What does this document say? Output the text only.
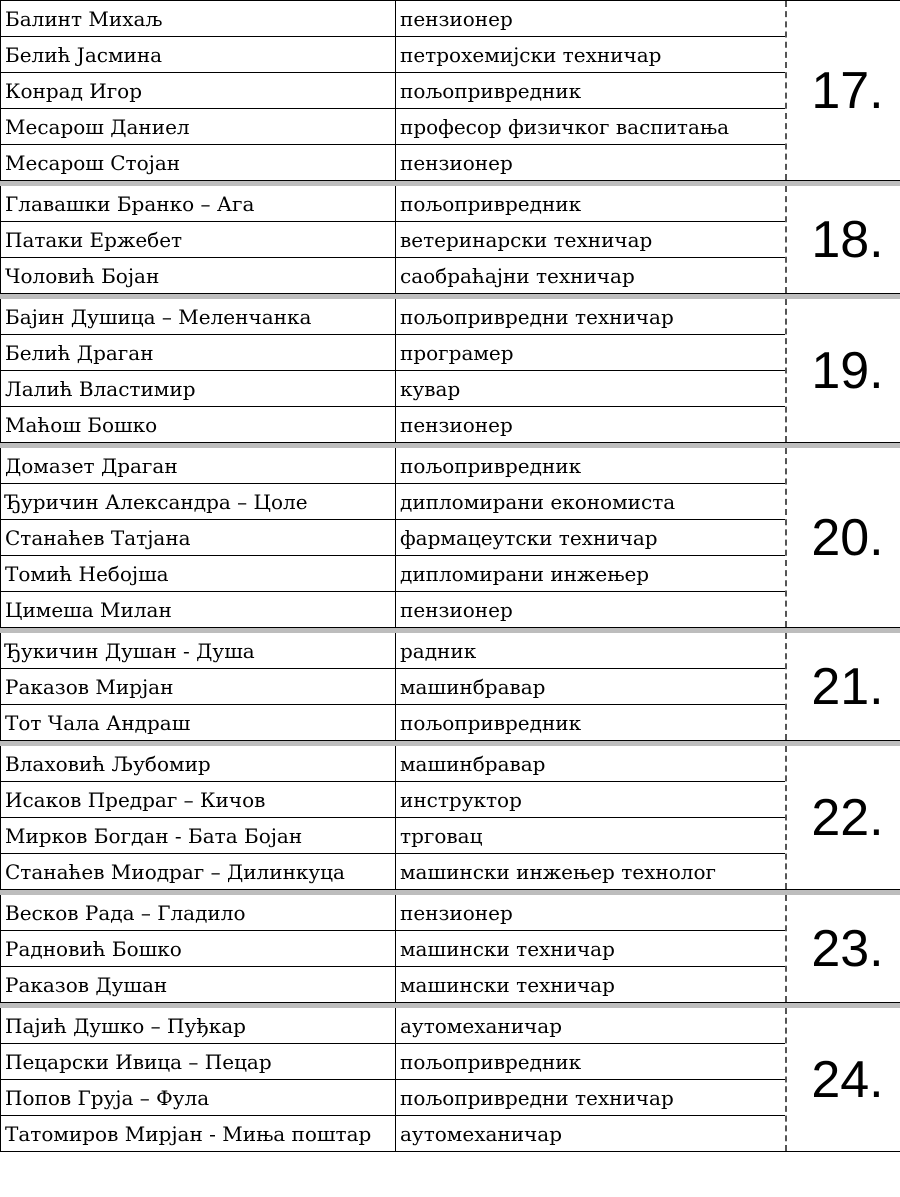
Балинт Михаљ	пензионер
Белић Јасмина	петрохемијски техничар
Конрад Игор	пољопривредник
Месарош Даниел	професор физичког васпитања
Месарош Стојан	пензионер
17.
Главашки Бранко – Ага	пољопривредник
Патаки Ержебет	ветеринарски техничар
Чоловић Бојан	саобраћајни техничар
18.
Бајин Душица – Меленчанка	пољопривредни техничар
Белић Драган	програмер
Лалић Властимир	кувар
Маћош Бошко	пензионер
19.
Домазет Драган	пољопривредник
Ђуричин Александра – Цоле	дипломирани економиста
Станаћев Татјана	фармацеутски техничар
Томић Небојша	дипломирани инжењер
Цимеша Милан	пензионер
20.
Ђукичин Душан - Душа	радник
Раказов Мирјан	машинбравар
Тот Чала Андраш	пољопривредник
21.
Влаховић Љубомир	машинбравар
Исаков Предраг – Кичов	инструктор
Мирков Богдан - Бата Бојан	трговац
Станаћев Миодраг – Дилинкуца	машински инжењер технолог
22.
Весков Рада – Гладило	пензионер
Радновић Бошко	машински техничар
Раказов Душан	машински техничар
23.
Пајић Душко – Пуђкар	аутомеханичар
Пецарски Ивица – Пецар	пољопривредник
Попов Груја – Фула	пољопривредни техничар
Татомиров Мирјан - Миња поштар	аутомеханичар
24.
